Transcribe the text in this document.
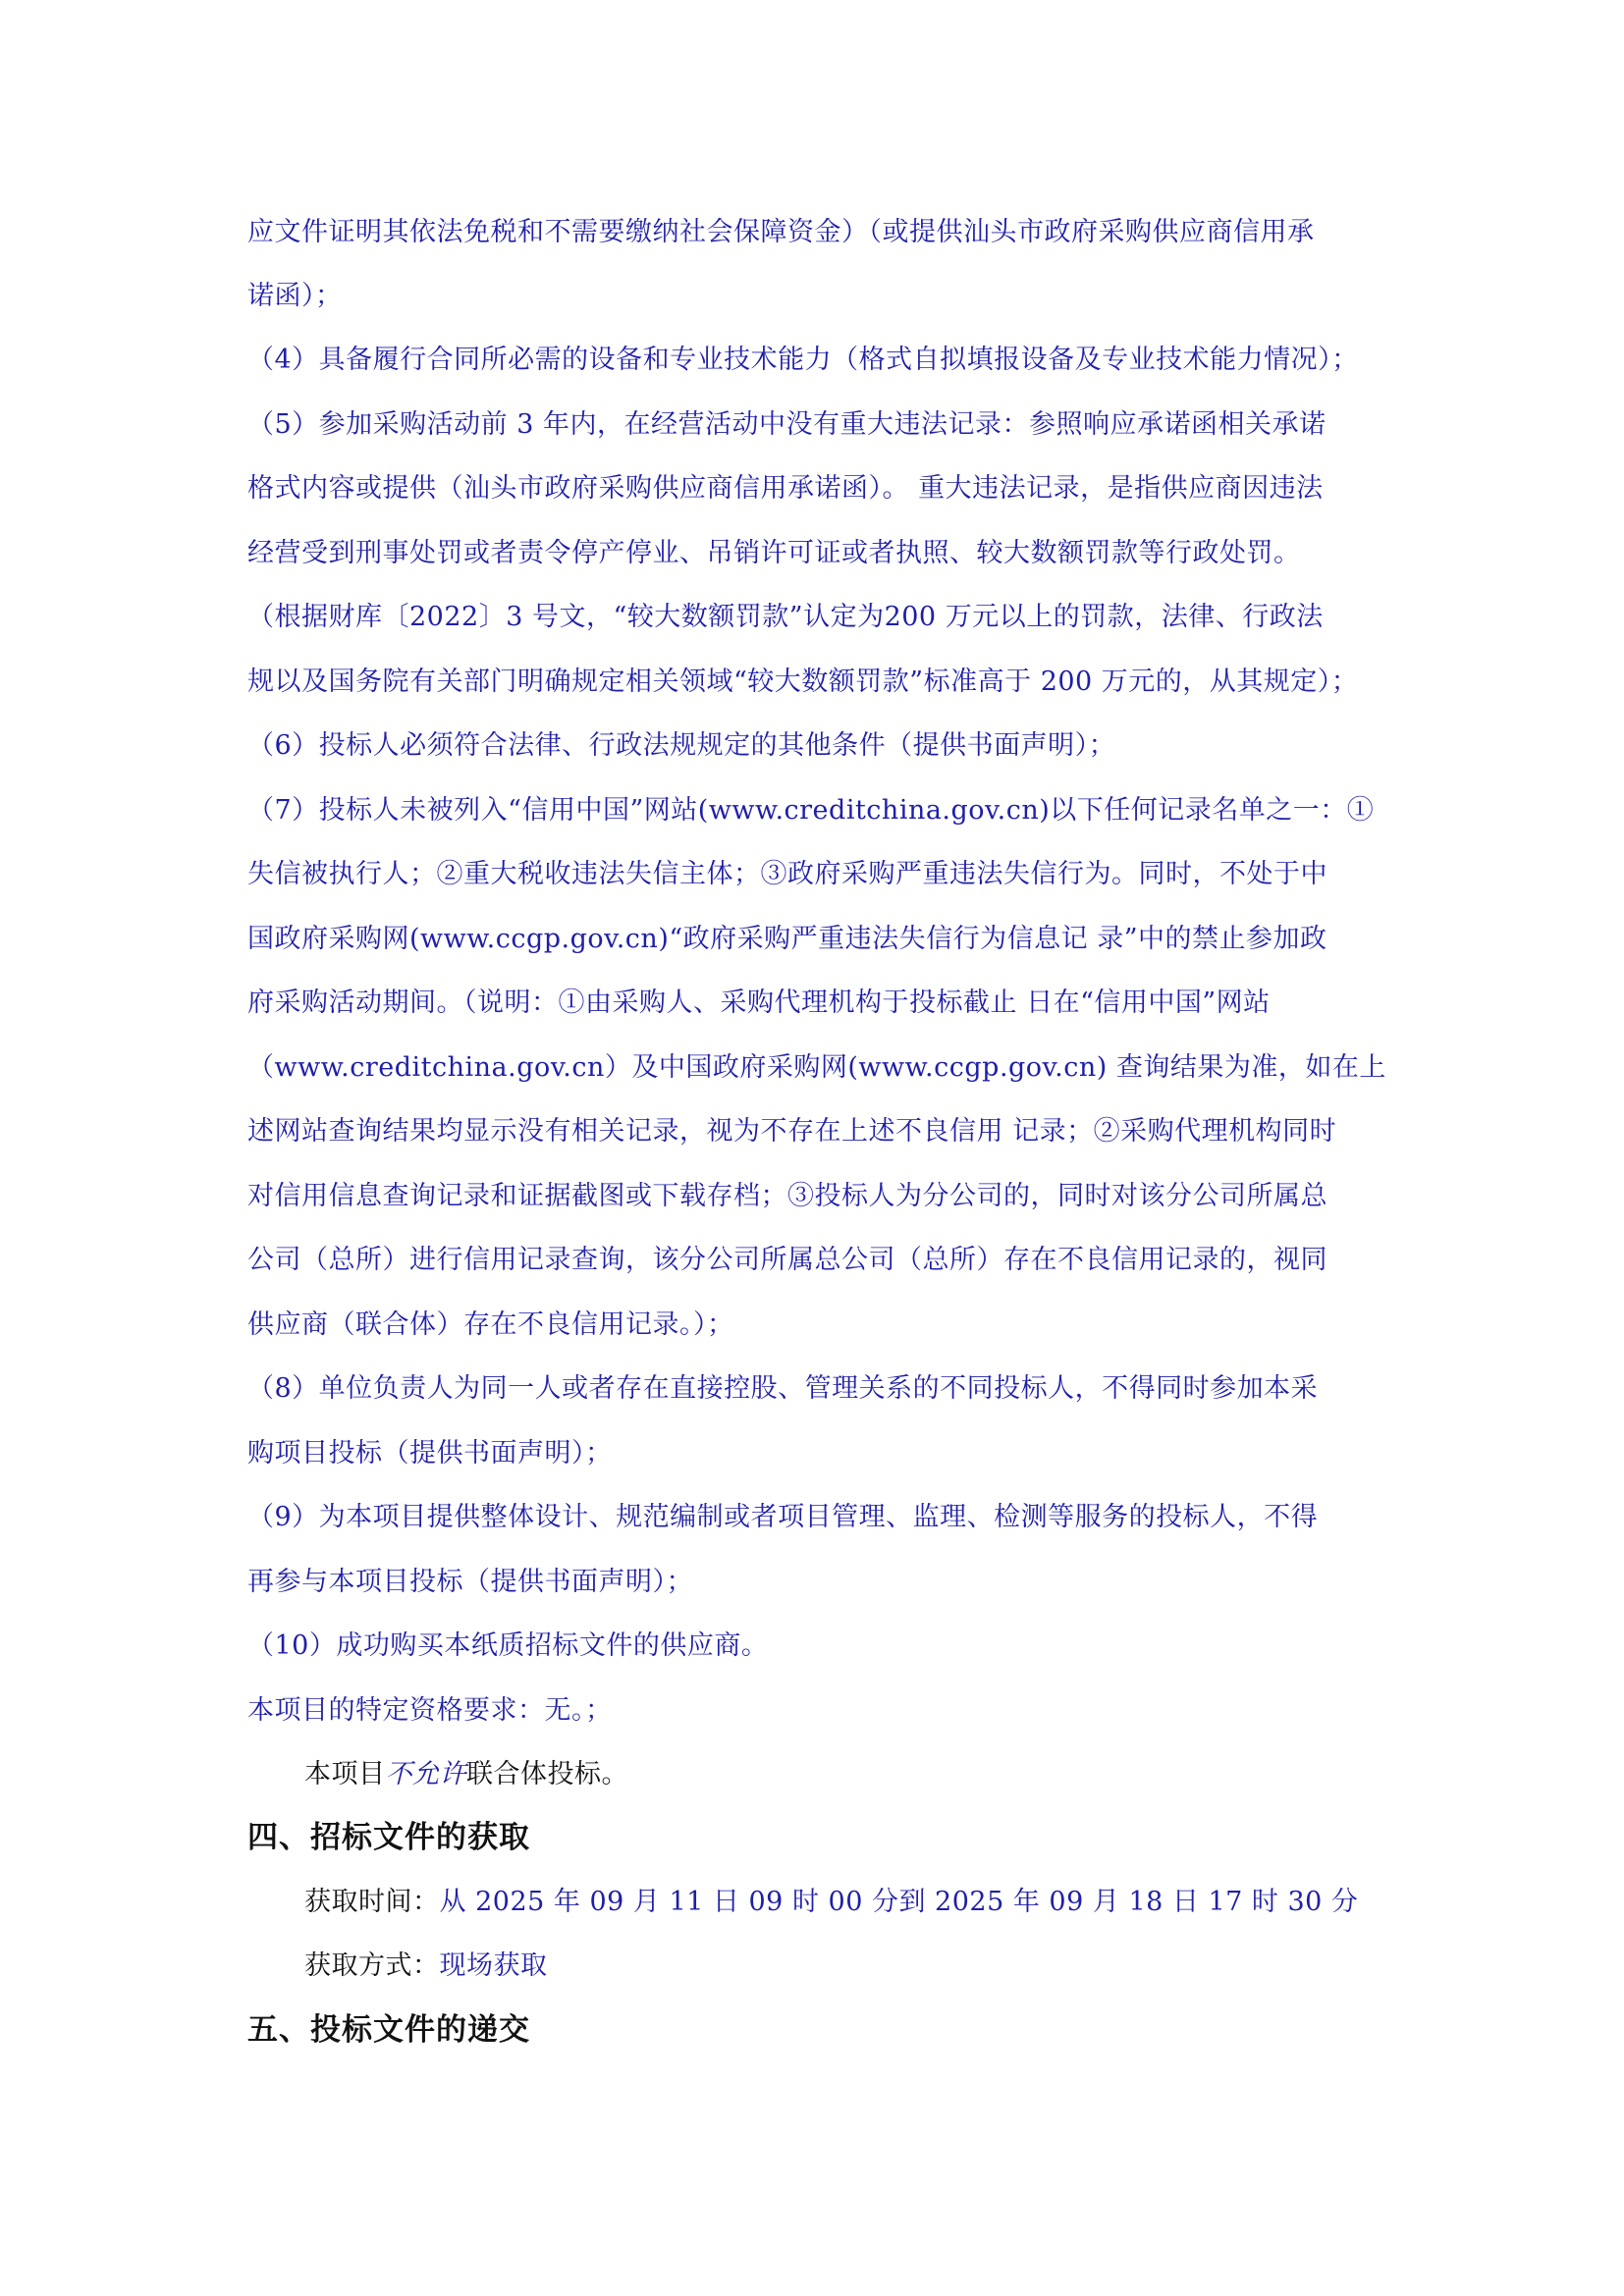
应文件证明其依法免税和不需要缴纳社会保障资金）（或提供汕头市政府采购供应商信用承
诺函）；
（4）具备履行合同所必需的设备和专业技术能力（格式自拟填报设备及专业技术能力情况）；
（5）参加采购活动前 3 年内，在经营活动中没有重大违法记录：参照响应承诺函相关承诺
格式内容或提供（汕头市政府采购供应商信用承诺函）。 重大违法记录，是指供应商因违法
经营受到刑事处罚或者责令停产停业、吊销许可证或者执照、较大数额罚款等行政处罚。
（根据财库〔2022〕3 号文，“较大数额罚款”认定为200 万元以上的罚款，法律、行政法
规以及国务院有关部门明确规定相关领域“较大数额罚款”标准高于 200 万元的，从其规定）；
（6）投标人必须符合法律、行政法规规定的其他条件（提供书面声明）；
（7）投标人未被列入“信用中国”网站(www.creditchina.gov.cn)以下任何记录名单之一：①
失信被执行人；②重大税收违法失信主体；③政府采购严重违法失信行为。同时，不处于中
国政府采购网(www.ccgp.gov.cn)“政府采购严重违法失信行为信息记 录”中的禁止参加政
府采购活动期间。（说明：①由采购人、采购代理机构于投标截止 日在“信用中国”网站
（www.creditchina.gov.cn）及中国政府采购网(www.ccgp.gov.cn) 查询结果为准，如在上
述网站查询结果均显示没有相关记录，视为不存在上述不良信用 记录；②采购代理机构同时
对信用信息查询记录和证据截图或下载存档；③投标人为分公司的，同时对该分公司所属总
公司（总所）进行信用记录查询，该分公司所属总公司（总所）存在不良信用记录的，视同
供应商（联合体）存在不良信用记录。）；
（8）单位负责人为同一人或者存在直接控股、管理关系的不同投标人，不得同时参加本采
购项目投标（提供书面声明）；
（9）为本项目提供整体设计、规范编制或者项目管理、监理、检测等服务的投标人，不得
再参与本项目投标（提供书面声明）；
（10）成功购买本纸质招标文件的供应商。
本项目的特定资格要求：无。；
本项目不允许联合体投标。
四、招标文件的获取
获取时间：从 2025 年 09 月 11 日 09 时 00 分到 2025 年 09 月 18 日 17 时 30 分
获取方式：现场获取
五、投标文件的递交
